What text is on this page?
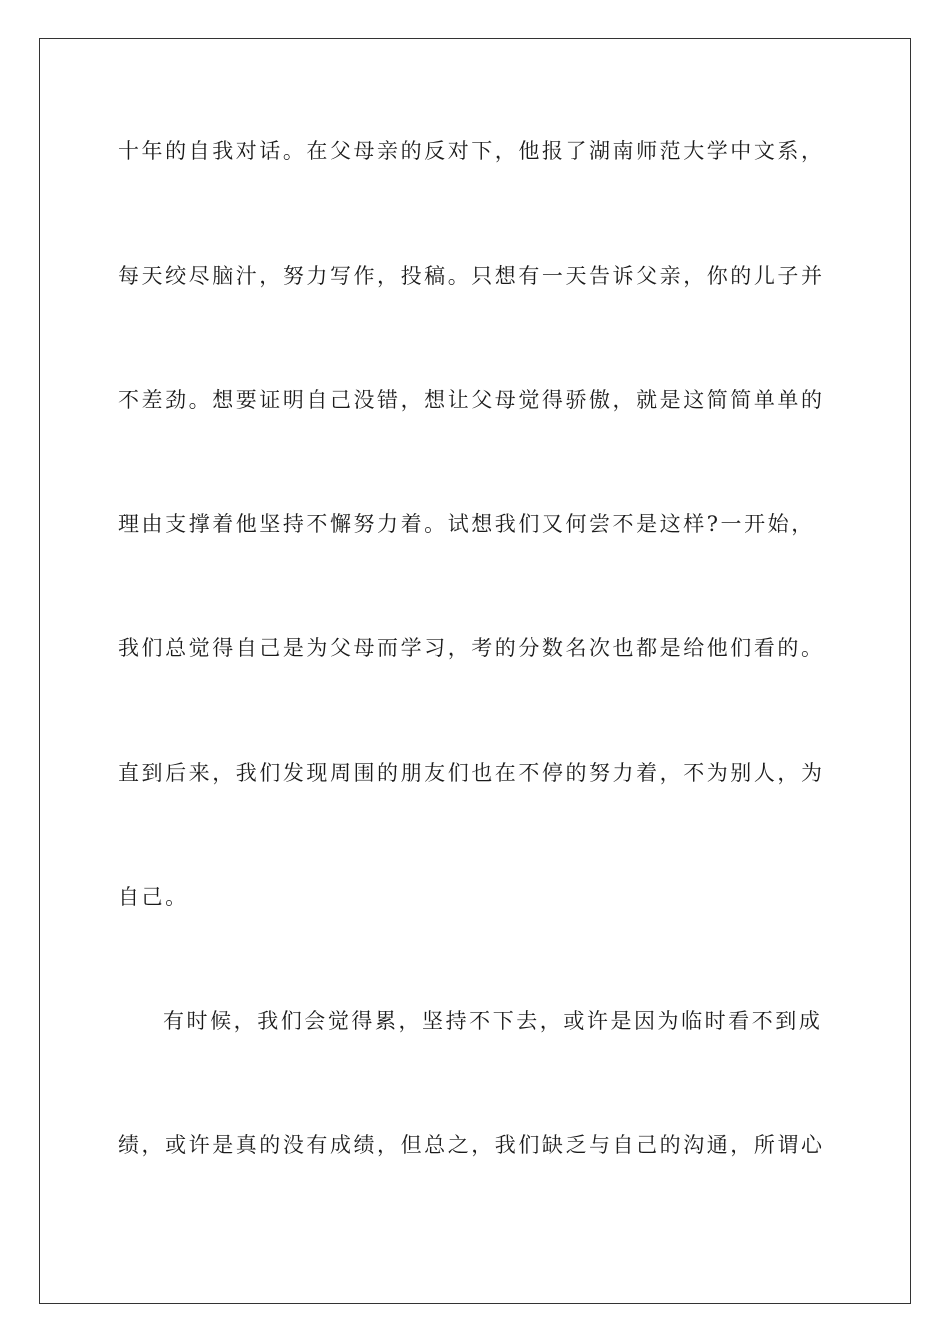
十年的自我对话。在父母亲的反对下，他报了湖南师范大学中文系，
每天绞尽脑汁，努力写作，投稿。只想有一天告诉父亲，你的儿子并
不差劲。想要证明自己没错，想让父母觉得骄傲，就是这简简单单的
理由支撑着他坚持不懈努力着。试想我们又何尝不是这样?一开始，
我们总觉得自己是为父母而学习，考的分数名次也都是给他们看的。
直到后来，我们发现周围的朋友们也在不停的努力着，不为别人，为
自己。
有时候，我们会觉得累，坚持不下去，或许是因为临时看不到成
绩，或许是真的没有成绩，但总之，我们缺乏与自己的沟通，所谓心
